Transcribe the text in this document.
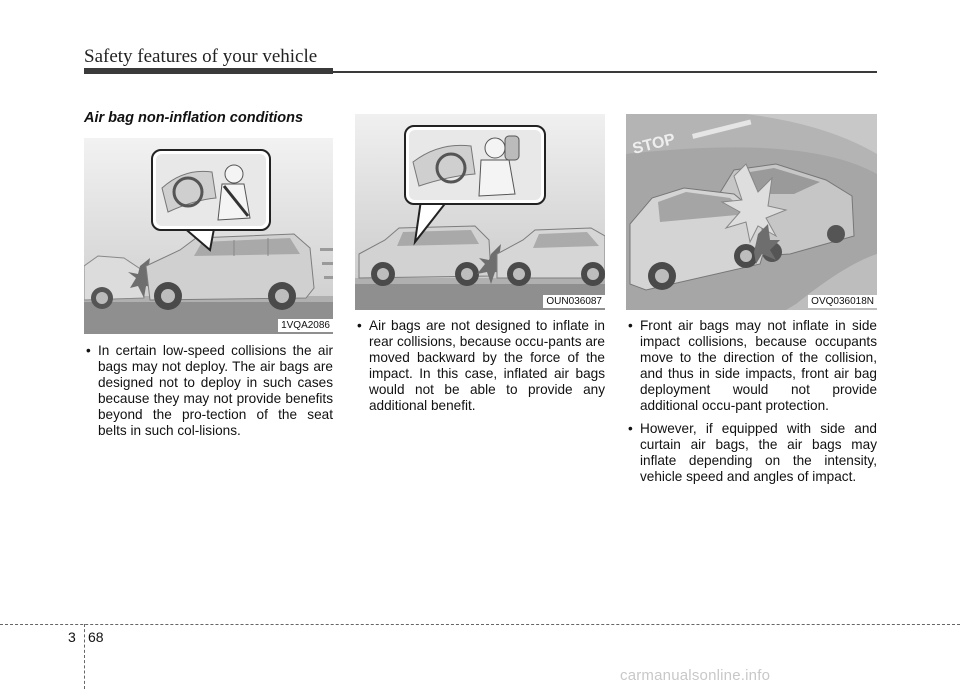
Safety features of your vehicle
Air bag non-inflation conditions
1VQA2086
OUN036087
STOP
OVQ036018N
• In certain low-speed collisions the air bags may not deploy. The air bags are designed not to deploy in such cases because they may not provide benefits beyond the pro-tection of the seat belts in such col-lisions.
• Air bags are not designed to inflate in rear collisions, because occu-pants are moved backward by the force of the impact. In this case, inflated air bags would not be able to provide any additional benefit.
• Front air bags may not inflate in side impact collisions, because occupants move to the direction of the collision, and thus in side impacts, front air bag deployment would not provide additional occu-pant protection.
• However, if equipped with side and curtain air bags, the air bags may inflate depending on the intensity, vehicle speed and angles of impact.
3 68
carmanualsonline.info
